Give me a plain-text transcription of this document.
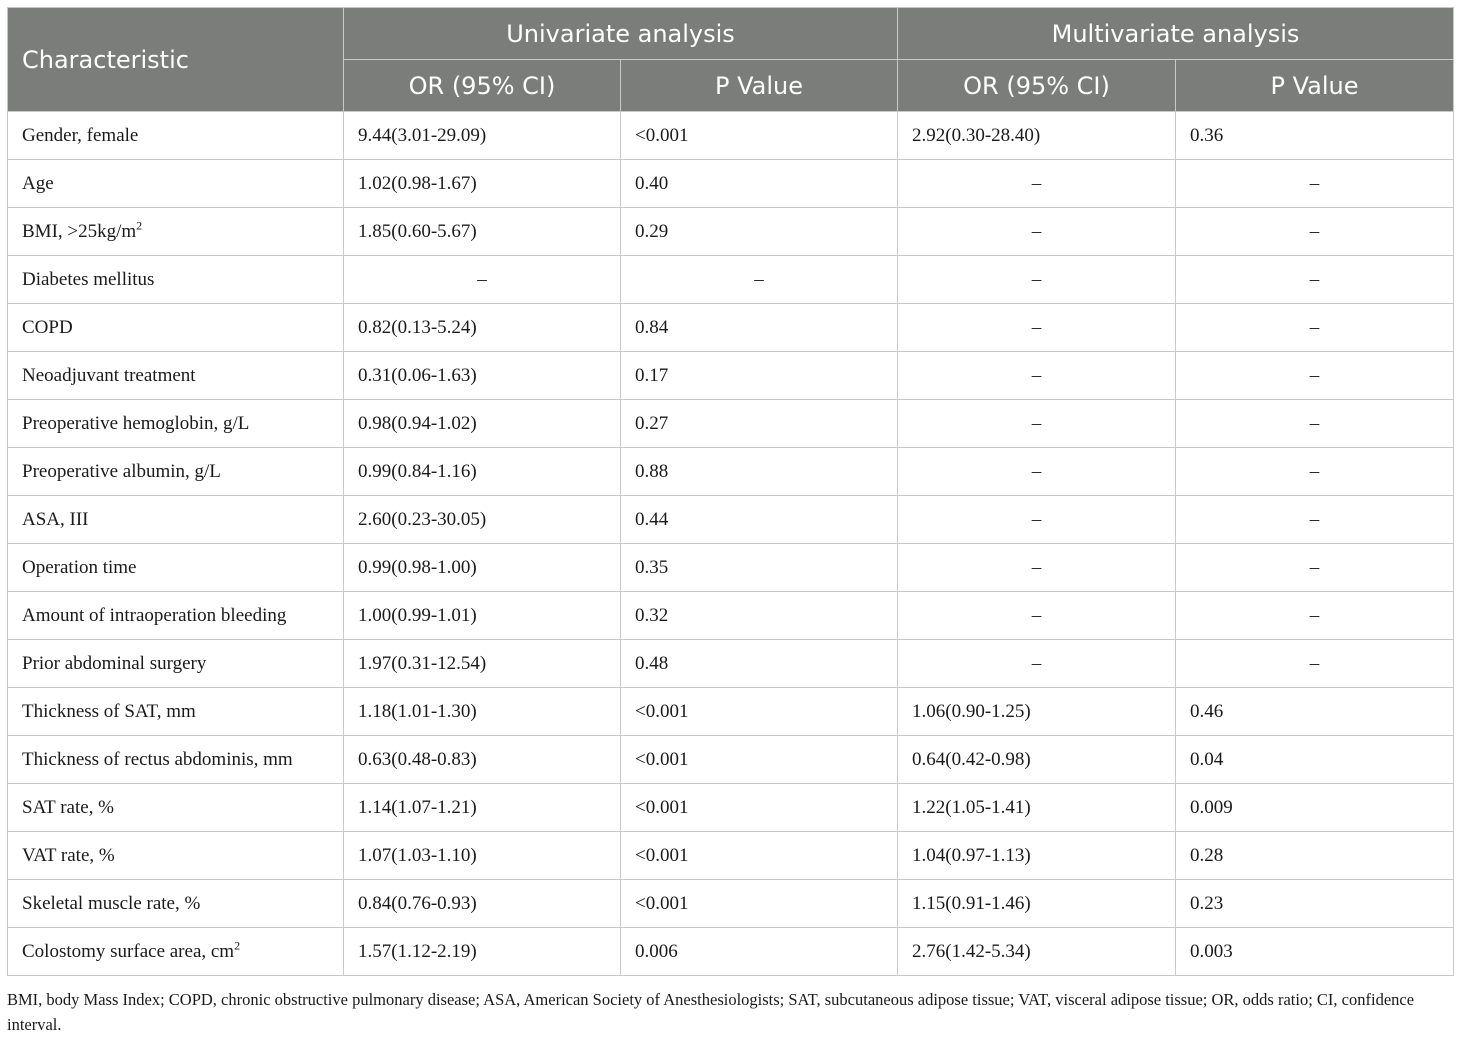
Characteristic	Univariate analysis		Multivariate analysis	
	OR (95% CI)	P Value	OR (95% CI)	P Value
Gender, female	9.44(3.01-29.09)	<0.001	2.92(0.30-28.40)	0.36
Age	1.02(0.98-1.67)	0.40	–	–
BMI, $>25kg/m^2$	1.85(0.60-5.67)	0.29	–	–
Diabetes mellitus	–	–	–	–
COPD	0.82(0.13-5.24)	0.84	–	–
Neoadjuvant treatment	0.31(0.06-1.63)	0.17	–	–
Preoperative hemoglobin, g/L	0.98(0.94-1.02)	0.27	–	–
Preoperative albumin, g/L	0.99(0.84-1.16)	0.88	–	–
ASA, III	2.60(0.23-30.05)	0.44	–	–
Operation time	0.99(0.98-1.00)	0.35	–	–
Amount of intraoperation bleeding	1.00(0.99-1.01)	0.32	–	–
Prior abdominal surgery	1.97(0.31-12.54)	0.48	–	–
Thickness of SAT, mm	1.18(1.01-1.30)	<0.001	1.06(0.90-1.25)	0.46
Thickness of rectus abdominis, mm	0.63(0.48-0.83)	<0.001	0.64(0.42-0.98)	0.04
SAT rate, %	1.14(1.07-1.21)	<0.001	1.22(1.05-1.41)	0.009
VAT rate, %	1.07(1.03-1.10)	<0.001	1.04(0.97-1.13)	0.28
Skeletal muscle rate, %	0.84(0.76-0.93)	<0.001	1.15(0.91-1.46)	0.23
Colostomy surface area, $cm^2$	1.57(1.12-2.19)	0.006	2.76(1.42-5.34)	0.003
BMI, body Mass Index; COPD, chronic obstructive pulmonary disease; ASA, American Society of Anesthesiologists; SAT, subcutaneous adipose tissue; VAT, visceral adipose tissue; OR, odds ratio; CI, confidence interval.
